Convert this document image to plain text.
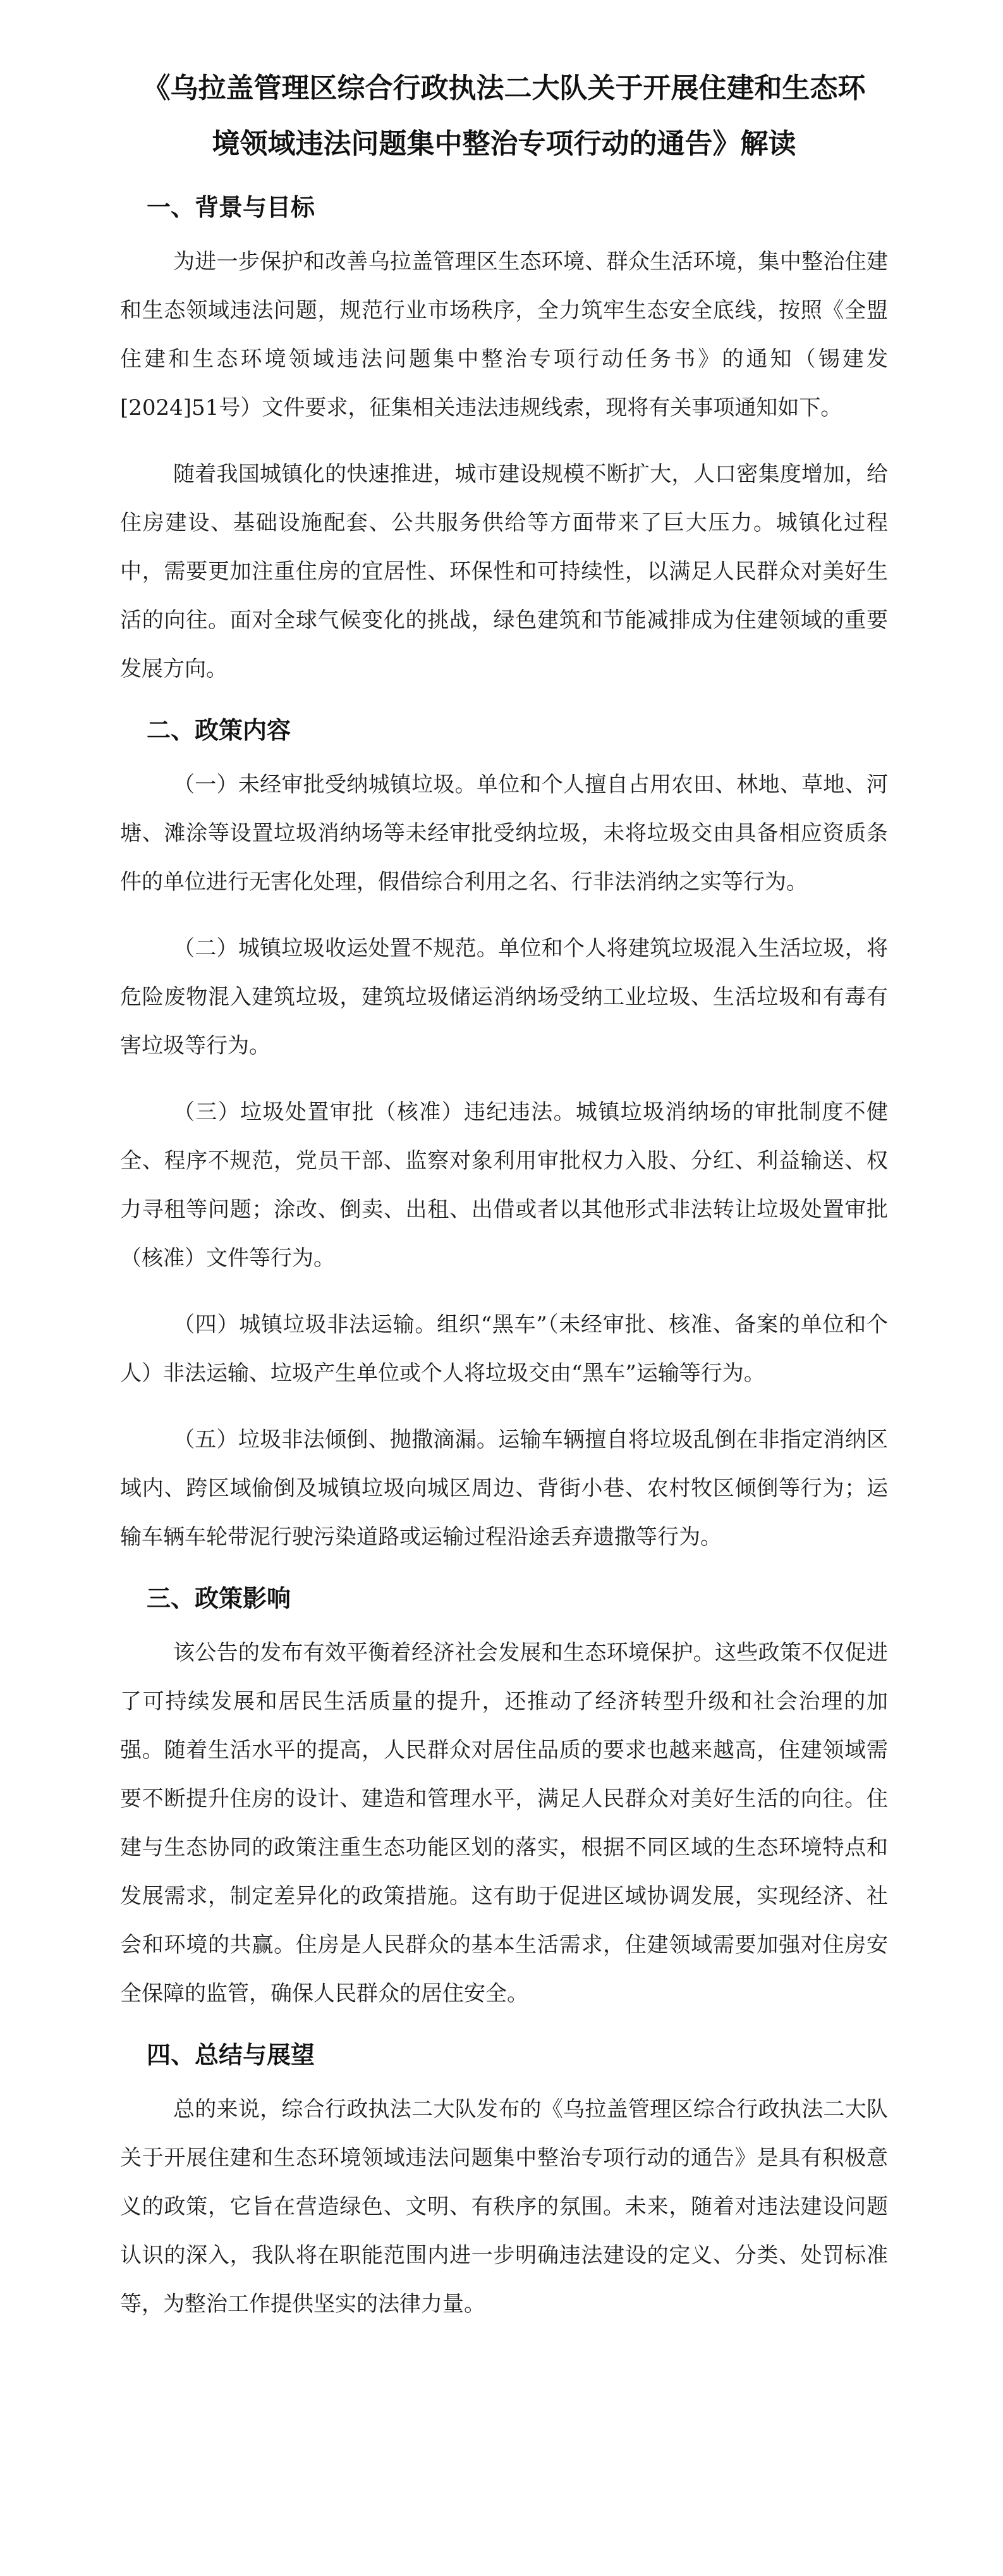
《乌拉盖管理区综合行政执法二大队关于开展住建和生态环
境领域违法问题集中整治专项行动的通告》解读
一、背景与目标

为进一步保护和改善乌拉盖管理区生态环境、群众生活环境，集中整治住建和生态领域违法问题，规范行业市场秩序，全力筑牢生态安全底线，按照《全盟住建和生态环境领域违法问题集中整治专项行动任务书》的通知（锡建发[2024]51号）文件要求，征集相关违法违规线索，现将有关事项通知如下。

随着我国城镇化的快速推进，城市建设规模不断扩大，人口密集度增加，给住房建设、基础设施配套、公共服务供给等方面带来了巨大压力。城镇化过程中，需要更加注重住房的宜居性、环保性和可持续性，以满足人民群众对美好生活的向往。面对全球气候变化的挑战，绿色建筑和节能减排成为住建领域的重要发展方向。

二、政策内容

（一）未经审批受纳城镇垃圾。单位和个人擅自占用农田、林地、草地、河塘、滩涂等设置垃圾消纳场等未经审批受纳垃圾，未将垃圾交由具备相应资质条件的单位进行无害化处理，假借综合利用之名、行非法消纳之实等行为。

（二）城镇垃圾收运处置不规范。单位和个人将建筑垃圾混入生活垃圾，将危险废物混入建筑垃圾，建筑垃圾储运消纳场受纳工业垃圾、生活垃圾和有毒有害垃圾等行为。

（三）垃圾处置审批（核准）违纪违法。城镇垃圾消纳场的审批制度不健全、程序不规范，党员干部、监察对象利用审批权力入股、分红、利益输送、权力寻租等问题；涂改、倒卖、出租、出借或者以其他形式非法转让垃圾处置审批（核准）文件等行为。

（四）城镇垃圾非法运输。组织“黑车”（未经审批、核准、备案的单位和个人）非法运输、垃圾产生单位或个人将垃圾交由“黑车”运输等行为。

（五）垃圾非法倾倒、抛撒滴漏。运输车辆擅自将垃圾乱倒在非指定消纳区域内、跨区域偷倒及城镇垃圾向城区周边、背街小巷、农村牧区倾倒等行为；运输车辆车轮带泥行驶污染道路或运输过程沿途丢弃遗撒等行为。

三、政策影响

该公告的发布有效平衡着经济社会发展和生态环境保护。这些政策不仅促进了可持续发展和居民生活质量的提升，还推动了经济转型升级和社会治理的加强。随着生活水平的提高，人民群众对居住品质的要求也越来越高，住建领域需要不断提升住房的设计、建造和管理水平，满足人民群众对美好生活的向往。住建与生态协同的政策注重生态功能区划的落实，根据不同区域的生态环境特点和发展需求，制定差异化的政策措施。这有助于促进区域协调发展，实现经济、社会和环境的共赢。住房是人民群众的基本生活需求，住建领域需要加强对住房安全保障的监管，确保人民群众的居住安全。

四、总结与展望

总的来说，综合行政执法二大队发布的《乌拉盖管理区综合行政执法二大队关于开展住建和生态环境领域违法问题集中整治专项行动的通告》是具有积极意义的政策，它旨在营造绿色、文明、有秩序的氛围。未来，随着对违法建设问题认识的深入，我队将在职能范围内进一步明确违法建设的定义、分类、处罚标准等，为整治工作提供坚实的法律力量。
